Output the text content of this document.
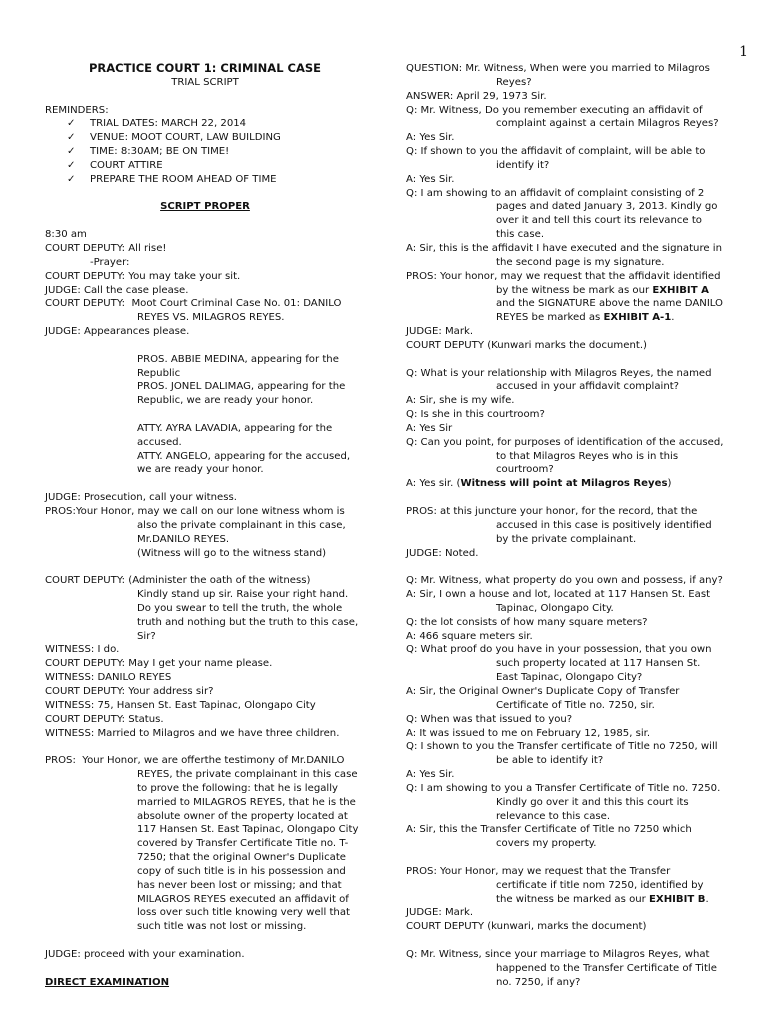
1
PRACTICE COURT 1: CRIMINAL CASE
TRIAL SCRIPT
REMINDERS:
✓ TRIAL DATES: MARCH 22, 2014
✓ VENUE: MOOT COURT, LAW BUILDING
✓ TIME: 8:30AM; BE ON TIME!
✓ COURT ATTIRE
✓ PREPARE THE ROOM AHEAD OF TIME
SCRIPT PROPER
8:30 am
COURT DEPUTY: All rise!
-Prayer:
COURT DEPUTY: You may take your sit.
JUDGE: Call the case please.
COURT DEPUTY:  Moot Court Criminal Case No. 01: DANILO
REYES VS. MILAGROS REYES.
JUDGE: Appearances please.
PROS. ABBIE MEDINA, appearing for the
Republic
PROS. JONEL DALIMAG, appearing for the
Republic, we are ready your honor.
ATTY. AYRA LAVADIA, appearing for the
accused.
ATTY. ANGELO, appearing for the accused,
we are ready your honor.
JUDGE: Prosecution, call your witness.
PROS:Your Honor, may we call on our lone witness whom is
also the private complainant in this case,
Mr.DANILO REYES.
(Witness will go to the witness stand)
COURT DEPUTY: (Administer the oath of the witness)
Kindly stand up sir. Raise your right hand.
Do you swear to tell the truth, the whole
truth and nothing but the truth to this case,
Sir?
WITNESS: I do.
COURT DEPUTY: May I get your name please.
WITNESS: DANILO REYES
COURT DEPUTY: Your address sir?
WITNESS: 75, Hansen St. East Tapinac, Olongapo City
COURT DEPUTY: Status.
WITNESS: Married to Milagros and we have three children.
PROS:  Your Honor, we are offerthe testimony of Mr.DANILO
REYES, the private complainant in this case
to prove the following: that he is legally
married to MILAGROS REYES, that he is the
absolute owner of the property located at
117 Hansen St. East Tapinac, Olongapo City
covered by Transfer Certificate Title no. T-
7250; that the original Owner's Duplicate
copy of such title is in his possession and
has never been lost or missing; and that
MILAGROS REYES executed an affidavit of
loss over such title knowing very well that
such title was not lost or missing.
JUDGE: proceed with your examination.
DIRECT EXAMINATION
QUESTION: Mr. Witness, When were you married to Milagros
Reyes?
ANSWER: April 29, 1973 Sir.
Q: Mr. Witness, Do you remember executing an affidavit of
complaint against a certain Milagros Reyes?
A: Yes Sir.
Q: If shown to you the affidavit of complaint, will be able to
identify it?
A: Yes Sir.
Q: I am showing to an affidavit of complaint consisting of 2
pages and dated January 3, 2013. Kindly go
over it and tell this court its relevance to
this case.
A: Sir, this is the affidavit I have executed and the signature in
the second page is my signature.
PROS: Your honor, may we request that the affidavit identified
by the witness be mark as our EXHIBIT A
and the SIGNATURE above the name DANILO
REYES be marked as EXHIBIT A-1.
JUDGE: Mark.
COURT DEPUTY (Kunwari marks the document.)
Q: What is your relationship with Milagros Reyes, the named
accused in your affidavit complaint?
A: Sir, she is my wife.
Q: Is she in this courtroom?
A: Yes Sir
Q: Can you point, for purposes of identification of the accused,
to that Milagros Reyes who is in this
courtroom?
A: Yes sir. (Witness will point at Milagros Reyes)
PROS: at this juncture your honor, for the record, that the
accused in this case is positively identified
by the private complainant.
JUDGE: Noted.
Q: Mr. Witness, what property do you own and possess, if any?
A: Sir, I own a house and lot, located at 117 Hansen St. East
Tapinac, Olongapo City.
Q: the lot consists of how many square meters?
A: 466 square meters sir.
Q: What proof do you have in your possession, that you own
such property located at 117 Hansen St.
East Tapinac, Olongapo City?
A: Sir, the Original Owner's Duplicate Copy of Transfer
Certificate of Title no. 7250, sir.
Q: When was that issued to you?
A: It was issued to me on February 12, 1985, sir.
Q: I shown to you the Transfer certificate of Title no 7250, will
be able to identify it?
A: Yes Sir.
Q: I am showing to you a Transfer Certificate of Title no. 7250.
Kindly go over it and this this court its
relevance to this case.
A: Sir, this the Transfer Certificate of Title no 7250 which
covers my property.
PROS: Your Honor, may we request that the Transfer
certificate if title nom 7250, identified by
the witness be marked as our EXHIBIT B.
JUDGE: Mark.
COURT DEPUTY (kunwari, marks the document)
Q: Mr. Witness, since your marriage to Milagros Reyes, what
happened to the Transfer Certificate of Title
no. 7250, if any?
